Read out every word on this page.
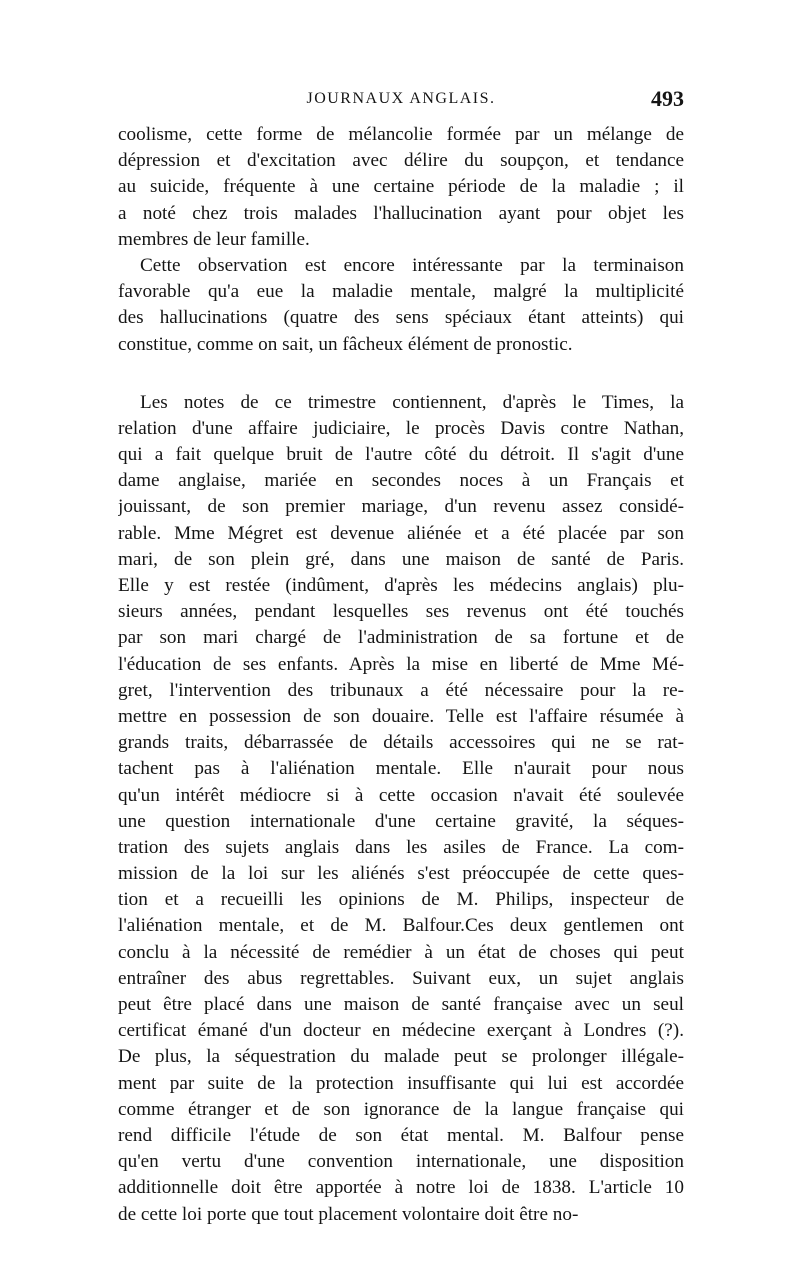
JOURNAUX ANGLAIS.	493
coolisme, cette forme de mélancolie formée par un mélange de
dépression et d'excitation avec délire du soupçon, et tendance
au suicide, fréquente à une certaine période de la maladie ; il
a noté chez trois malades l'hallucination ayant pour objet les
membres de leur famille.
Cette observation est encore intéressante par la terminaison
favorable qu'a eue la maladie mentale, malgré la multiplicité
des hallucinations (quatre des sens spéciaux étant atteints) qui
constitue, comme on sait, un fâcheux élément de pronostic.
Les notes de ce trimestre contiennent, d'après le Times, la
relation d'une affaire judiciaire, le procès Davis contre Nathan,
qui a fait quelque bruit de l'autre côté du détroit. Il s'agit d'une
dame anglaise, mariée en secondes noces à un Français et
jouissant, de son premier mariage, d'un revenu assez considé-
rable. Mme Mégret est devenue aliénée et a été placée par son
mari, de son plein gré, dans une maison de santé de Paris.
Elle y est restée (indûment, d'après les médecins anglais) plu-
sieurs années, pendant lesquelles ses revenus ont été touchés
par son mari chargé de l'administration de sa fortune et de
l'éducation de ses enfants. Après la mise en liberté de Mme Mé-
gret, l'intervention des tribunaux a été nécessaire pour la re-
mettre en possession de son douaire. Telle est l'affaire résumée à
grands traits, débarrassée de détails accessoires qui ne se rat-
tachent pas à l'aliénation mentale. Elle n'aurait pour nous
qu'un intérêt médiocre si à cette occasion n'avait été soulevée
une question internationale d'une certaine gravité, la séques-
tration des sujets anglais dans les asiles de France. La com-
mission de la loi sur les aliénés s'est préoccupée de cette ques-
tion et a recueilli les opinions de M. Philips, inspecteur de
l'aliénation mentale, et de M. Balfour.Ces deux gentlemen ont
conclu à la nécessité de remédier à un état de choses qui peut
entraîner des abus regrettables. Suivant eux, un sujet anglais
peut être placé dans une maison de santé française avec un seul
certificat émané d'un docteur en médecine exerçant à Londres (?).
De plus, la séquestration du malade peut se prolonger illégale-
ment par suite de la protection insuffisante qui lui est accordée
comme étranger et de son ignorance de la langue française qui
rend difficile l'étude de son état mental. M. Balfour pense
qu'en vertu d'une convention internationale, une disposition
additionnelle doit être apportée à notre loi de 1838. L'article 10
de cette loi porte que tout placement volontaire doit être no-
